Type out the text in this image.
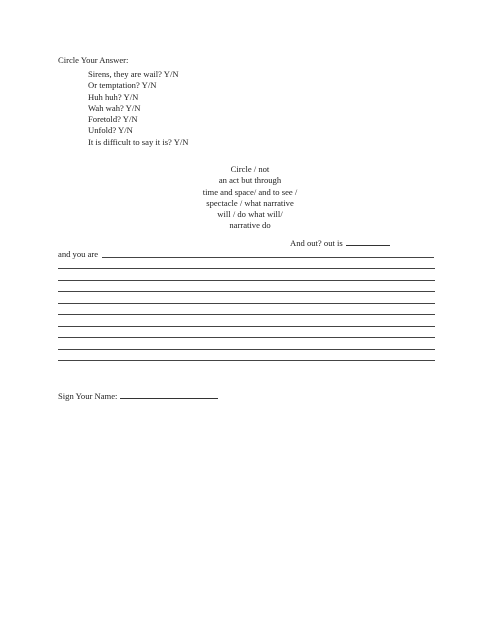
Circle Your Answer:
Sirens, they are wail? Y/N
Or temptation? Y/N
Huh huh? Y/N
Wah wah? Y/N
Foretold? Y/N
Unfold? Y/N
It is difficult to say it is? Y/N
Circle / not
an act but through
time and space/ and to see /
spectacle / what narrative
will / do what will/
narrative do
And out? out is
and you are
Sign Your Name:
